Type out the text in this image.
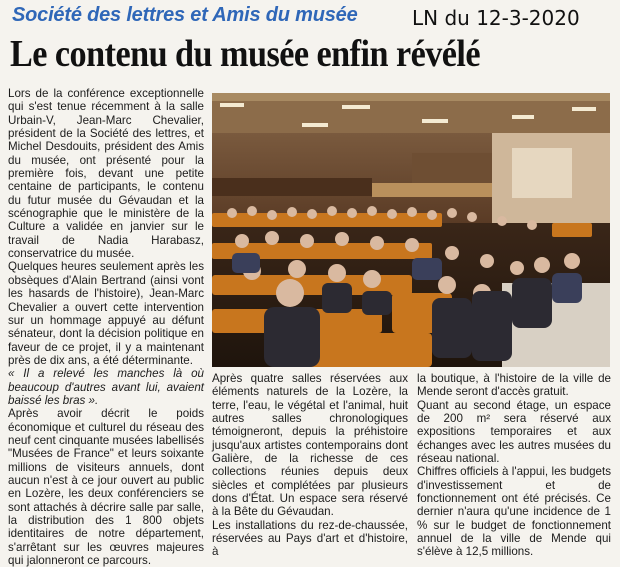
Société des lettres et Amis du musée	LN du 12-3-2020
Le contenu du musée enfin révélé

Lors de la conférence exceptionnelle qui s'est tenue récemment à la salle Urbain-V, Jean-Marc Chevalier, président de la Société des lettres, et Michel Desdouits, président des Amis du musée, ont présenté pour la première fois, devant une petite centaine de participants, le contenu du futur musée du Gévaudan et la scénographie que le ministère de la Culture a validée en janvier sur le travail de Nadia Harabasz, conservatrice du musée.

Quelques heures seulement après les obsèques d'Alain Bertrand (ainsi vont les hasards de l'histoire), Jean-Marc Chevalier a ouvert cette intervention sur un hommage appuyé au défunt sénateur, dont la décision politique en faveur de ce projet, il y a maintenant près de dix ans, a été déterminante.

« Il a relevé les manches là où beaucoup d'autres avant lui, avaient baissé les bras ».

Après avoir décrit le poids économique et culturel du réseau des neuf cent cinquante musées labellisés "Musées de France" et leurs soixante millions de visiteurs annuels, dont aucun n'est à ce jour ouvert au public en Lozère, les deux conférenciers se sont attachés à décrire salle par salle, la distribution des 1 800 objets identitaires de notre département, s'arrêtant sur les œuvres majeures qui jalonneront ce parcours.

Après quatre salles réservées aux éléments naturels de la Lozère, la terre, l'eau, le végétal et l'animal, huit autres salles chronologiques témoigneront, depuis la préhistoire jusqu'aux artistes contemporains dont Galière, de la richesse de ces collections réunies depuis deux siècles et complétées par plusieurs dons d'État. Un espace sera réservé à la Bête du Gévaudan.

Les installations du rez-de-chaussée, réservées au Pays d'art et d'histoire, à

la boutique, à l'histoire de la ville de Mende seront d'accès gratuit.

Quant au second étage, un espace de 200 m² sera réservé aux expositions temporaires et aux échanges avec les autres musées du réseau national.

Chiffres officiels à l'appui, les budgets d'investissement et de fonctionnement ont été précisés. Ce dernier n'aura qu'une incidence de 1 % sur le budget de fonctionnement annuel de la ville de Mende qui s'élève à 12,5 millions.
